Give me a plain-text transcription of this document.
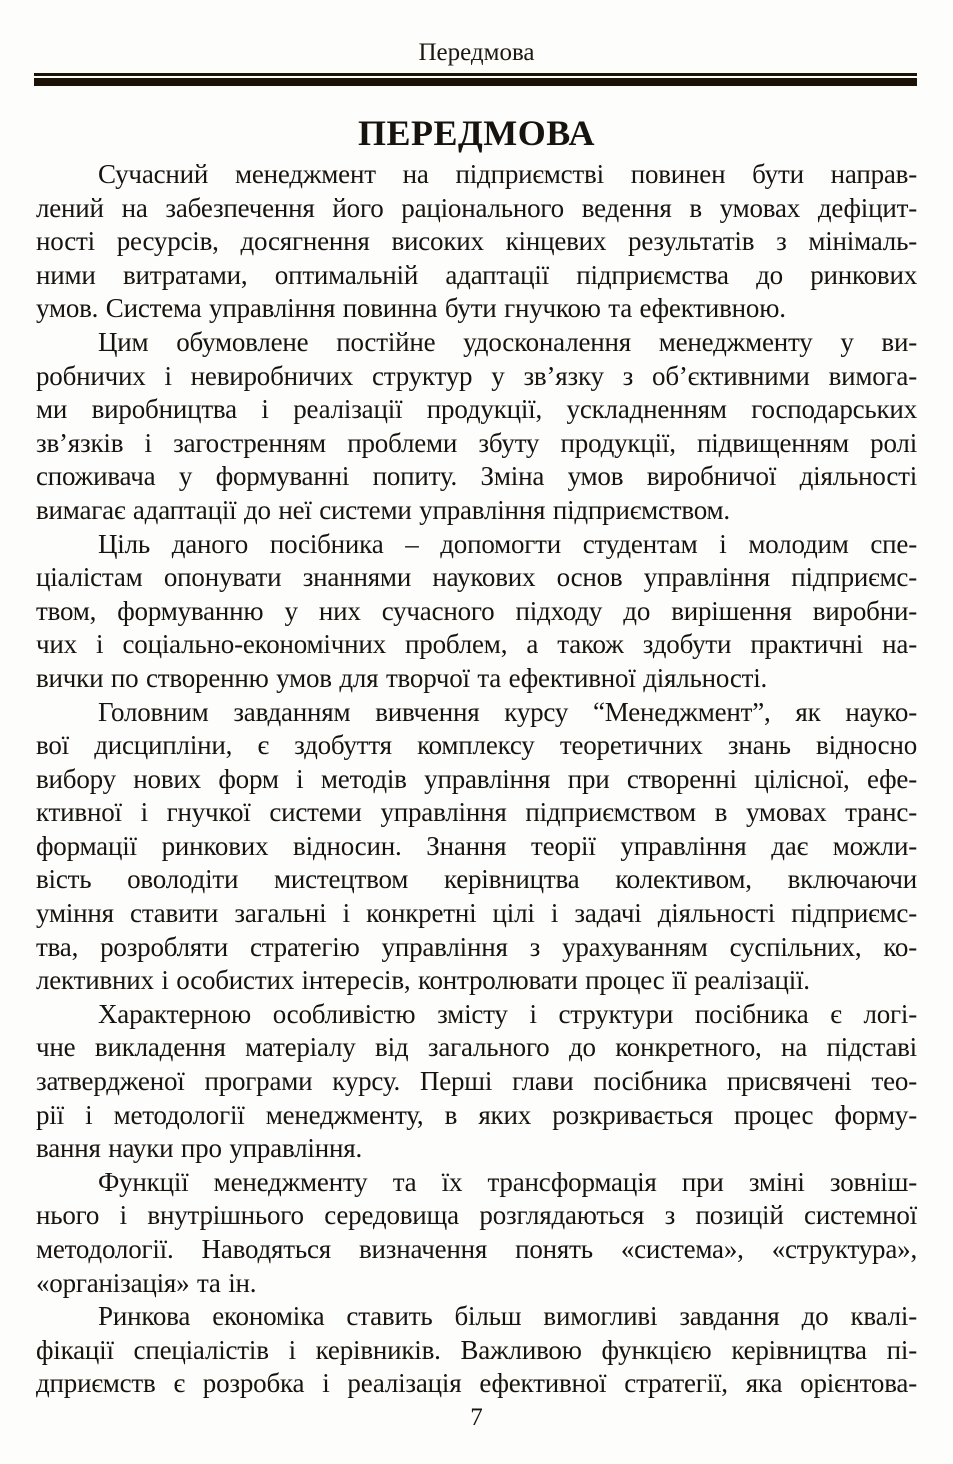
Передмова
ПЕРЕДМОВА
Сучасний менеджмент на підприємстві повинен бути направ-
лений на забезпечення його раціонального ведення в умовах дефіцит-
ності ресурсів, досягнення високих кінцевих результатів з мінімаль-
ними витратами, оптимальній адаптації підприємства до ринкових
умов. Система управління повинна бути гнучкою та ефективною.
Цим обумовлене постійне удосконалення менеджменту у ви-
робничих і невиробничих структур у зв’язку з об’єктивними вимога-
ми виробництва і реалізації продукції, ускладненням господарських
зв’язків і загостренням проблеми збуту продукції, підвищенням ролі
споживача у формуванні попиту. Зміна умов виробничої діяльності
вимагає адаптації до неї системи управління підприємством.
Ціль даного посібника – допомогти студентам і молодим спе-
ціалістам опонувати знаннями наукових основ управління підприємс-
твом, формуванню у них сучасного підходу до вирішення виробни-
чих і соціально-економічних проблем, а також здобути практичні на-
вички по створенню умов для творчої та ефективної діяльності.
Головним завданням вивчення курсу “Менеджмент”, як науко-
вої дисципліни, є здобуття комплексу теоретичних знань відносно
вибору нових форм і методів управління при створенні цілісної, ефе-
ктивної і гнучкої системи управління підприємством в умовах транс-
формації ринкових відносин. Знання теорії управління дає можли-
вість оволодіти мистецтвом керівництва колективом, включаючи
уміння ставити загальні і конкретні цілі і задачі діяльності підприємс-
тва, розробляти стратегію управління з урахуванням суспільних, ко-
лективних і особистих інтересів, контролювати процес її реалізації.
Характерною особливістю змісту і структури посібника є логі-
чне викладення матеріалу від загального до конкретного, на підставі
затвердженої програми курсу. Перші глави посібника присвячені тео-
рії і методології менеджменту, в яких розкривається процес форму-
вання науки про управління.
Функції менеджменту та їх трансформація при зміні зовніш-
нього і внутрішнього середовища розглядаються з позицій системної
методології. Наводяться визначення понять «система», «структура»,
«організація» та ін.
Ринкова економіка ставить більш вимогливі завдання до квалі-
фікації спеціалістів і керівників. Важливою функцією керівництва пі-
дприємств є розробка і реалізація ефективної стратегії, яка орієнтова-
7
